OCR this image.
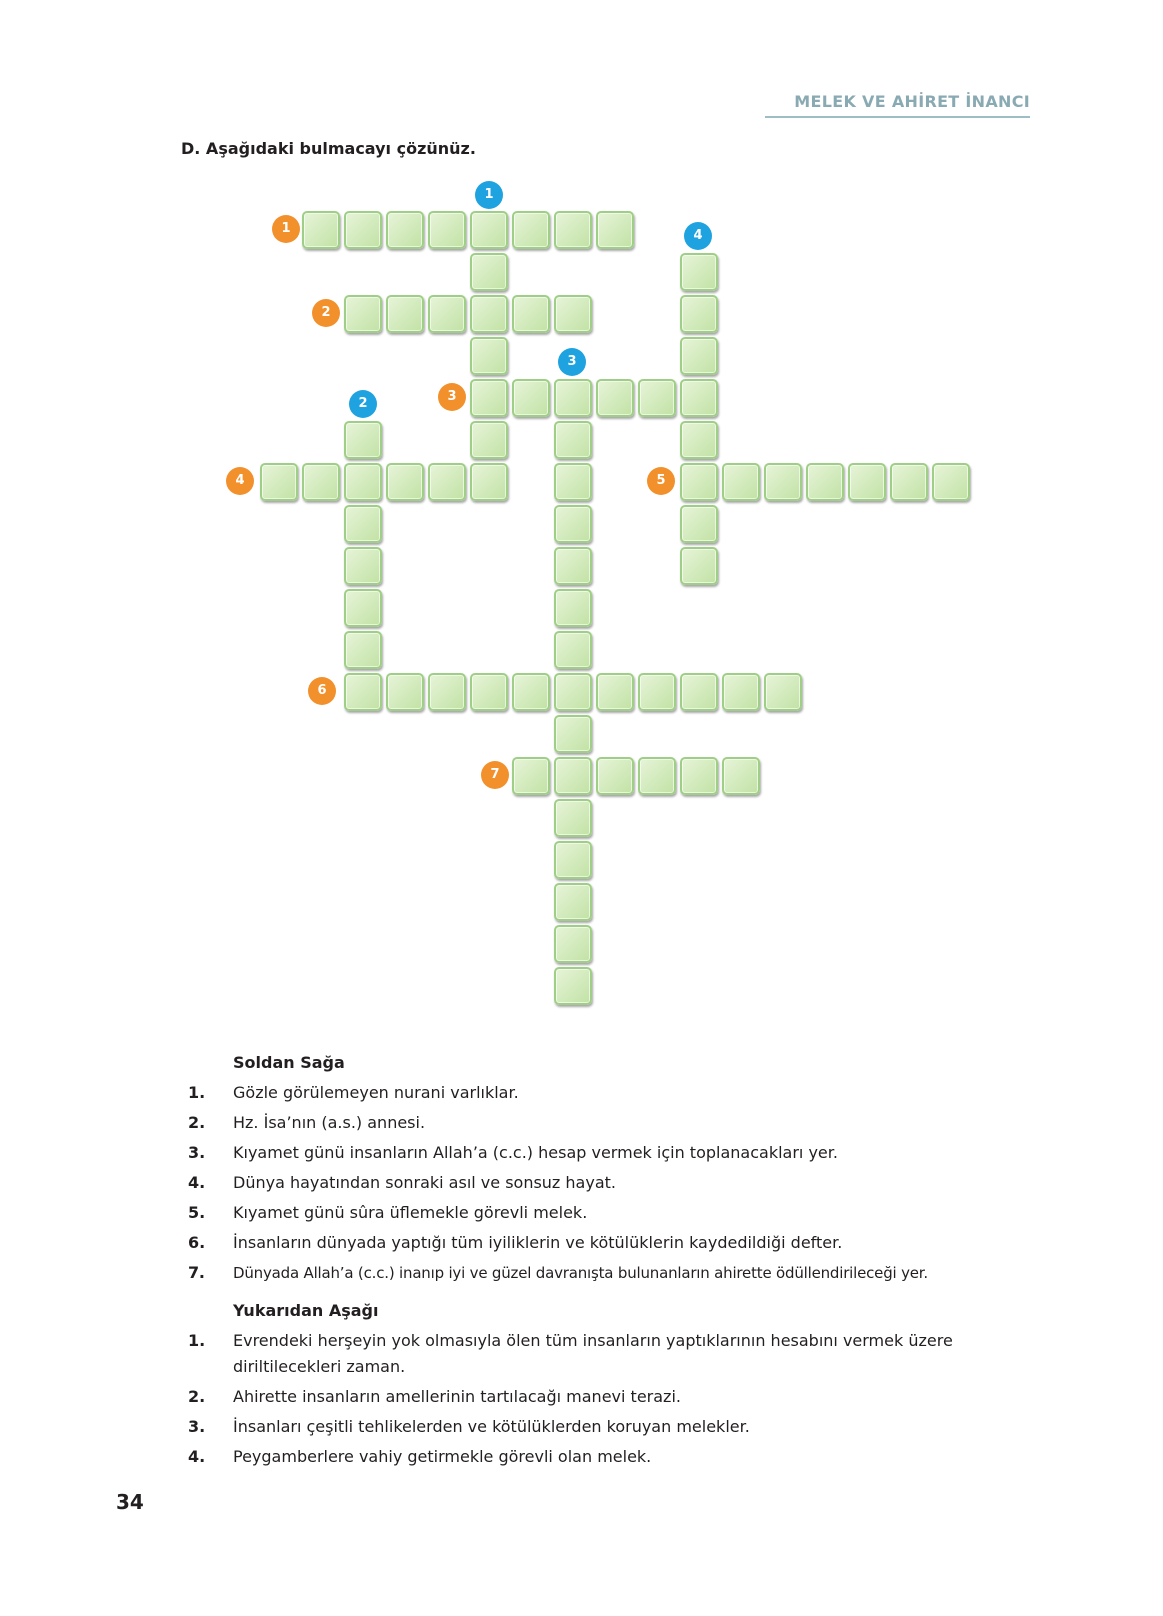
MELEK VE AHİRET İNANCI
D. Aşağıdaki bulmacayı çözünüz.
1
2
3
4	5
6
7
1
2
3
4
Soldan Sağa
1. Gözle görülemeyen nurani varlıklar.
2. Hz. İsa’nın (a.s.) annesi.
3. Kıyamet günü insanların Allah’a (c.c.) hesap vermek için toplanacakları yer.
4. Dünya hayatından sonraki asıl ve sonsuz hayat.
5. Kıyamet günü sûra üflemekle görevli melek.
6. İnsanların dünyada yaptığı tüm iyiliklerin ve kötülüklerin kaydedildiği defter.
7. Dünyada Allah’a (c.c.) inanıp iyi ve güzel davranışta bulunanların ahirette ödüllendirileceği yer.
Yukarıdan Aşağı
1. Evrendeki herşeyin yok olmasıyla ölen tüm insanların yaptıklarının hesabını vermek üzere diriltilecekleri zaman.
2. Ahirette insanların amellerinin tartılacağı manevi terazi.
3. İnsanları çeşitli tehlikelerden ve kötülüklerden koruyan melekler.
4. Peygamberlere vahiy getirmekle görevli olan melek.
34
